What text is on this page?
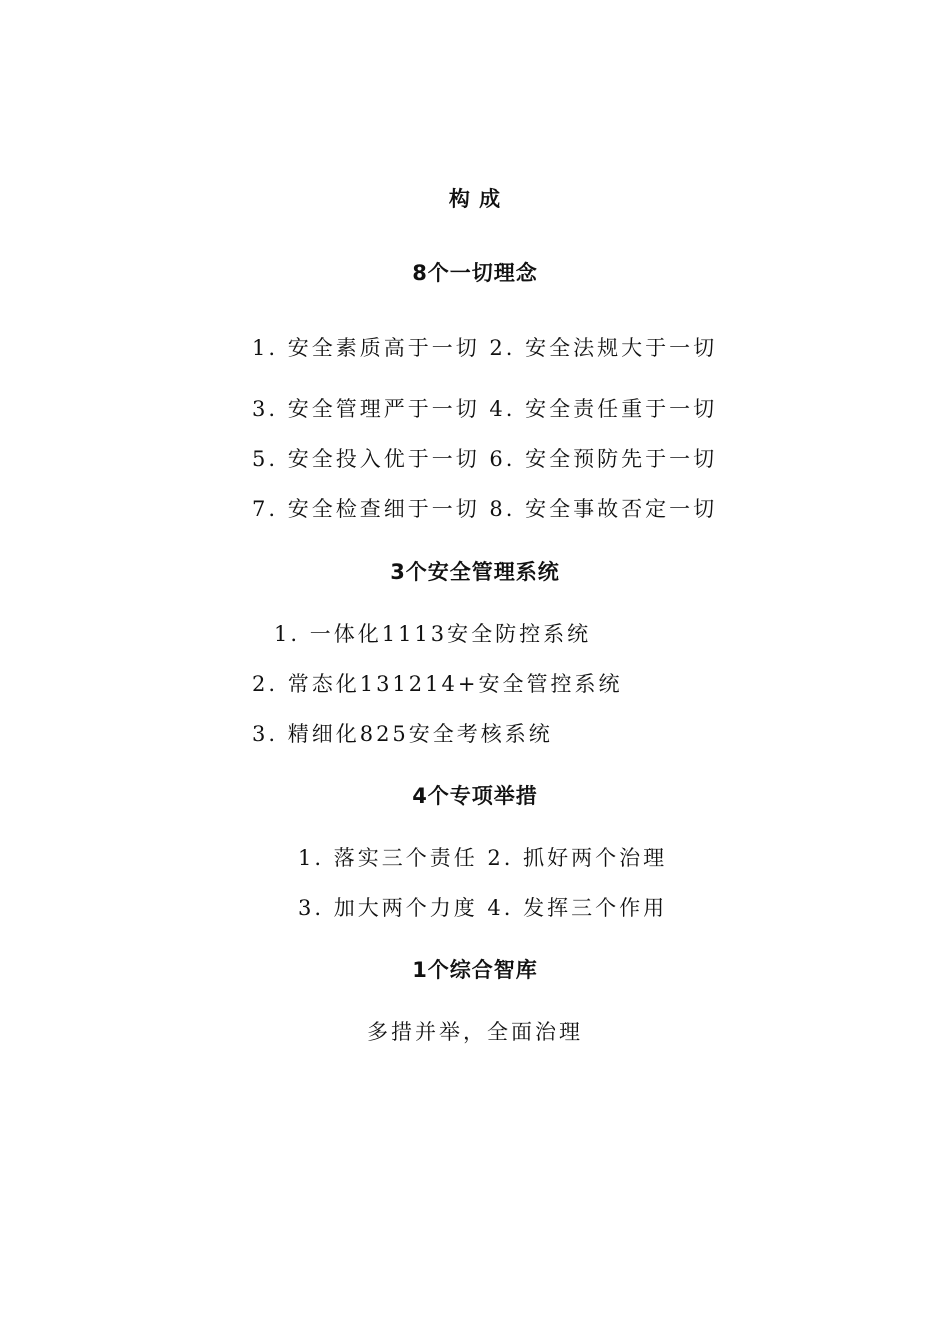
构 成
8个一切理念
1. 安全素质高于一切 2. 安全法规大于一切
3. 安全管理严于一切 4. 安全责任重于一切
5. 安全投入优于一切 6. 安全预防先于一切
7. 安全检查细于一切 8. 安全事故否定一切
3个安全管理系统
1. 一体化1113安全防控系统
2. 常态化131214+安全管控系统
3. 精细化825安全考核系统
4个专项举措
1. 落实三个责任 2. 抓好两个治理
3. 加大两个力度 4. 发挥三个作用
1个综合智库
多措并举，全面治理
